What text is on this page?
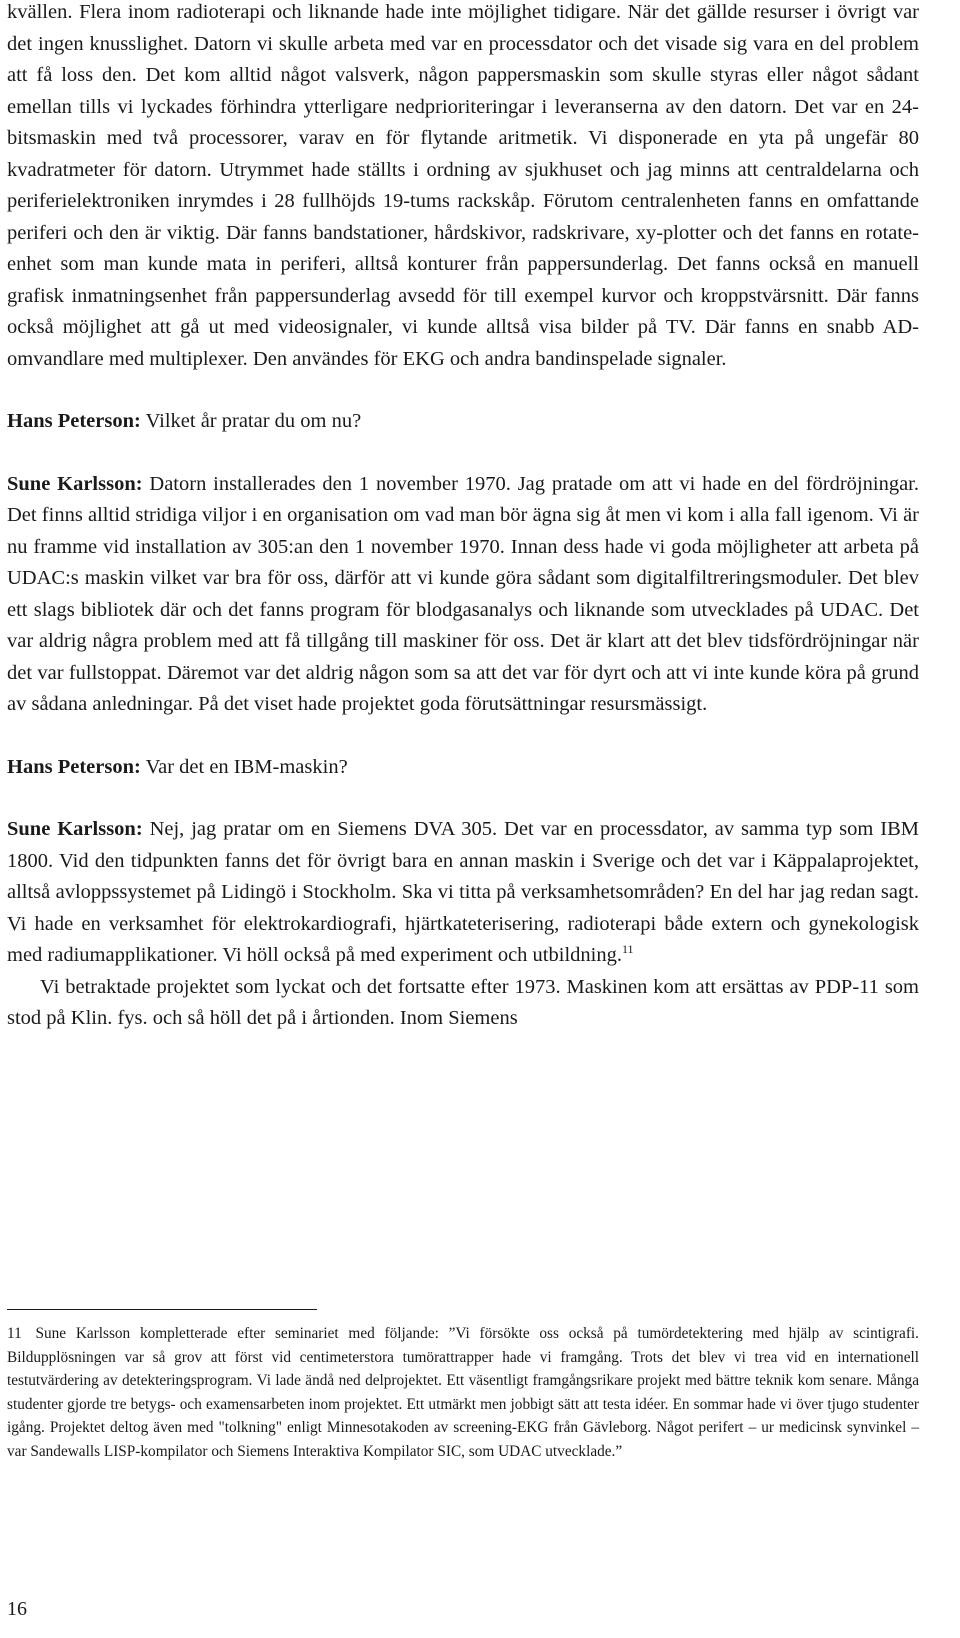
kvällen. Flera inom radioterapi och liknande hade inte möjlighet tidigare. När det gällde resurser i övrigt var det ingen knusslighet. Datorn vi skulle arbeta med var en processdator och det visade sig vara en del problem att få loss den. Det kom alltid något valsverk, någon pappersmaskin som skulle styras eller något sådant emellan tills vi lyckades förhindra ytterligare nedprioriteringar i leveranserna av den datorn. Det var en 24-bitsmaskin med två processorer, varav en för flytande aritmetik. Vi disponerade en yta på ungefär 80 kvadratmeter för datorn. Utrymmet hade ställts i ordning av sjukhuset och jag minns att centraldelarna och periferielektroniken inrymdes i 28 fullhöjds 19-tums rackskåp. Förutom centralenheten fanns en omfattande periferi och den är viktig. Där fanns bandstationer, hårdskivor, radskrivare, xy-plotter och det fanns en rotate-enhet som man kunde mata in periferi, alltså konturer från pappersunderlag. Det fanns också en manuell grafisk inmatningsenhet från pappersunderlag avsedd för till exempel kurvor och kroppstvärsnitt. Där fanns också möjlighet att gå ut med videosignaler, vi kunde alltså visa bilder på TV. Där fanns en snabb AD-omvandlare med multiplexer. Den användes för EKG och andra bandinspelade signaler.

Hans Peterson: Vilket år pratar du om nu?

Sune Karlsson: Datorn installerades den 1 november 1970. Jag pratade om att vi hade en del fördröjningar. Det finns alltid stridiga viljor i en organisation om vad man bör ägna sig åt men vi kom i alla fall igenom. Vi är nu framme vid installation av 305:an den 1 november 1970. Innan dess hade vi goda möjligheter att arbeta på UDAC:s maskin vilket var bra för oss, därför att vi kunde göra sådant som digitalfiltreringsmoduler. Det blev ett slags bibliotek där och det fanns program för blodgasanalys och liknande som utvecklades på UDAC. Det var aldrig några problem med att få tillgång till maskiner för oss. Det är klart att det blev tidsfördröjningar när det var fullstoppat. Däremot var det aldrig någon som sa att det var för dyrt och att vi inte kunde köra på grund av sådana anledningar. På det viset hade projektet goda förutsättningar resursmässigt.

Hans Peterson: Var det en IBM-maskin?

Sune Karlsson: Nej, jag pratar om en Siemens DVA 305. Det var en processdator, av samma typ som IBM 1800. Vid den tidpunkten fanns det för övrigt bara en annan maskin i Sverige och det var i Käppalaprojektet, alltså avloppssystemet på Lidingö i Stockholm. Ska vi titta på verksamhetsområden? En del har jag redan sagt. Vi hade en verksamhet för elektrokardiografi, hjärtkateterisering, radioterapi både extern och gynekologisk med radiumapplikationer. Vi höll också på med experiment och utbildning.$^{11}$

Vi betraktade projektet som lyckat och det fortsatte efter 1973. Maskinen kom att ersättas av PDP-11 som stod på Klin. fys. och så höll det på i årtionden. Inom Siemens

11 Sune Karlsson kompletterade efter seminariet med följande: ”Vi försökte oss också på tumördetektering med hjälp av scintigrafi. Bildupplösningen var så grov att först vid centimeterstora tumörattrapper hade vi framgång. Trots det blev vi trea vid en internationell testutvärdering av detekteringsprogram. Vi lade ändå ned delprojektet. Ett väsentligt framgångsrikare projekt med bättre teknik kom senare. Många studenter gjorde tre betygs- och examensarbeten inom projektet. Ett utmärkt men jobbigt sätt att testa idéer. En sommar hade vi över tjugo studenter igång. Projektet deltog även med "tolkning" enligt Minnesotakoden av screening-EKG från Gävleborg. Något perifert – ur medicinsk synvinkel – var Sandewalls LISP-kompilator och Siemens Interaktiva Kompilator SIC, som UDAC utvecklade.”

16
